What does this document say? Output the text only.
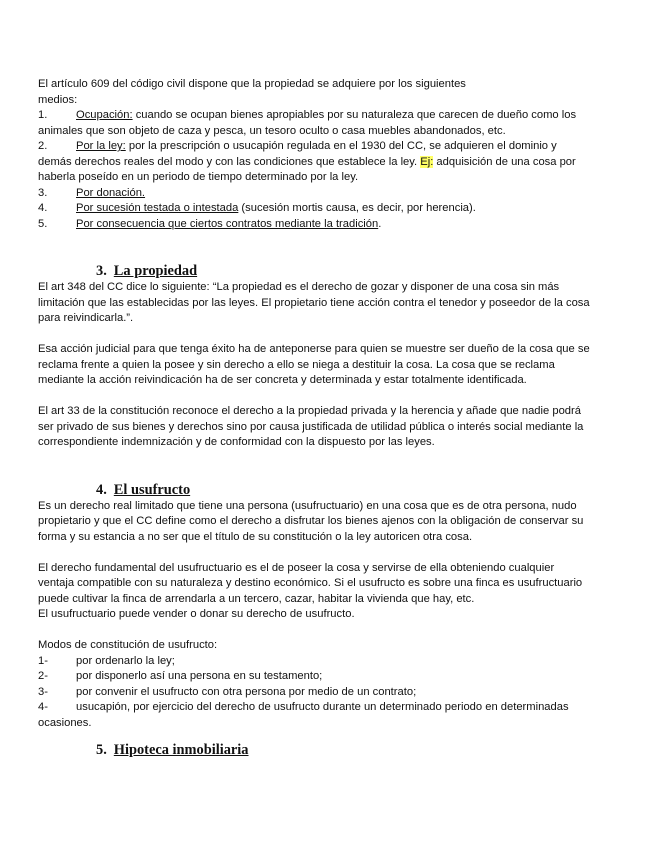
El artículo 609 del código civil dispone que la propiedad se adquiere por los siguientes
medios:

1.	Ocupación: cuando se ocupan bienes apropiables por su naturaleza que carecen de dueño como los
animales que son objeto de caza y pesca, un tesoro oculto o casa muebles abandonados, etc.
2.	Por la ley: por la prescripción o usucapión regulada en el 1930 del CC, se adquieren el dominio y
demás derechos reales del modo y con las condiciones que establece la ley. Ej: adquisición de una cosa por
haberla poseído en un periodo de tiempo determinado por la ley.
3.	Por donación.
4.	Por sucesión testada o intestada (sucesión mortis causa, es decir, por herencia).
5.	Por consecuencia que ciertos contratos mediante la tradición.
3. La propiedad

El art 348 del CC dice lo siguiente: “La propiedad es el derecho de gozar y disponer de una cosa sin más
limitación que las establecidas por las leyes. El propietario tiene acción contra el tenedor y poseedor de la cosa
para reivindicarla.”.

Esa acción judicial para que tenga éxito ha de anteponerse para quien se muestre ser dueño de la cosa que se
reclama frente a quien la posee y sin derecho a ello se niega a destituir la cosa. La cosa que se reclama
mediante la acción reivindicación ha de ser concreta y determinada y estar totalmente identificada.

El art 33 de la constitución reconoce el derecho a la propiedad privada y la herencia y añade que nadie podrá
ser privado de sus bienes y derechos sino por causa justificada de utilidad pública o interés social mediante la
correspondiente indemnización y de conformidad con la dispuesto por las leyes.

4. El usufructo

Es un derecho real limitado que tiene una persona (usufructuario) en una cosa que es de otra persona, nudo
propietario y que el CC define como el derecho a disfrutar los bienes ajenos con la obligación de conservar su
forma y su estancia a no ser que el título de su constitución o la ley autoricen otra cosa.

El derecho fundamental del usufructuario es el de poseer la cosa y servirse de ella obteniendo cualquier
ventaja compatible con su naturaleza y destino económico. Si el usufructo es sobre una finca es usufructuario
puede cultivar la finca de arrendarla a un tercero, cazar, habitar la vivienda que hay, etc.
El usufructuario puede vender o donar su derecho de usufructo.

Modos de constitución de usufructo:

1-	por ordenarlo la ley;
2-	por disponerlo así una persona en su testamento;
3-	por convenir el usufructo con otra persona por medio de un contrato;
4-	usucapión, por ejercicio del derecho de usufructo durante un determinado periodo en determinadas
ocasiones.
5. Hipoteca inmobiliaria
